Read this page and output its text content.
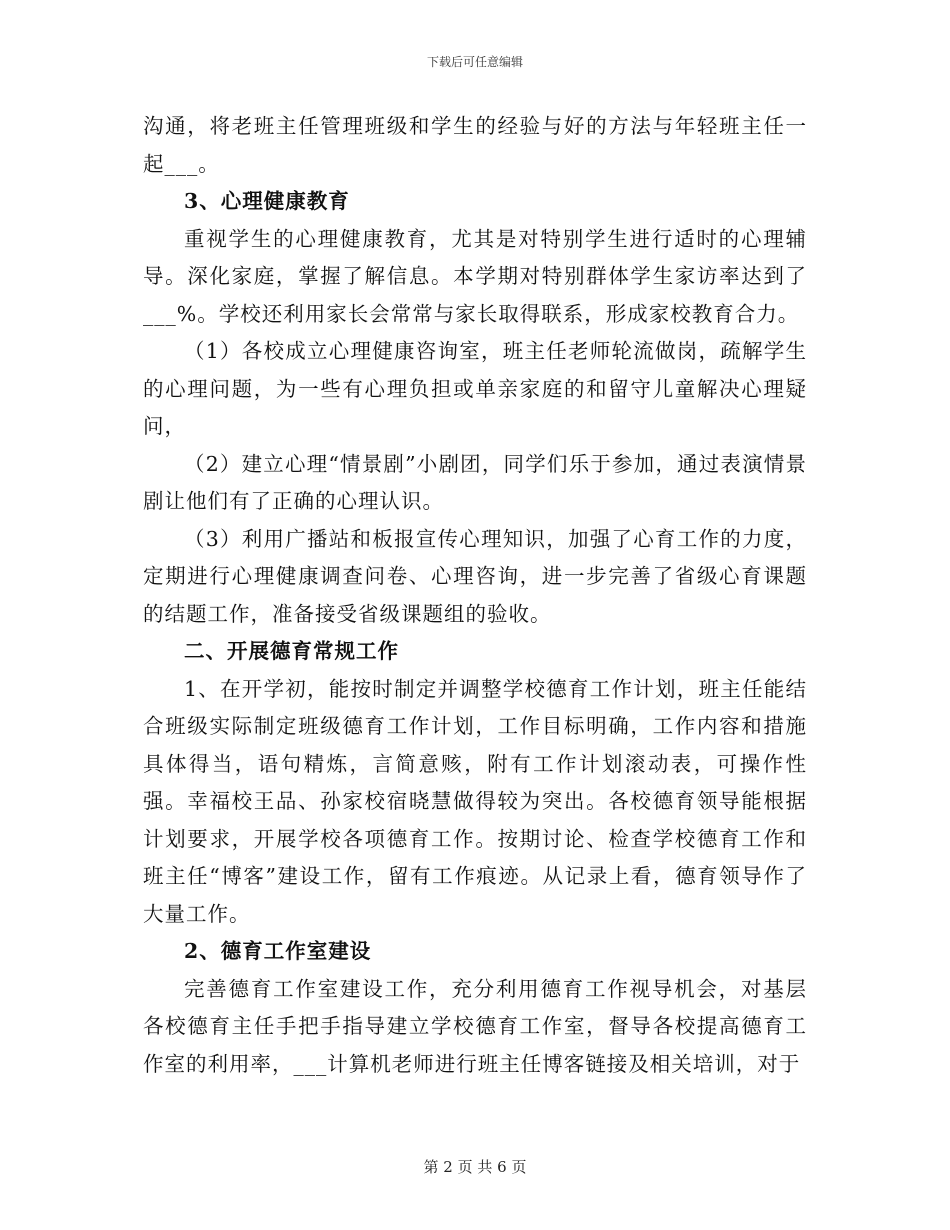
下载后可任意编辑

沟通，将老班主任管理班级和学生的经验与好的方法与年轻班主任一起___。

3、心理健康教育

重视学生的心理健康教育，尤其是对特别学生进行适时的心理辅导。深化家庭，掌握了解信息。本学期对特别群体学生家访率达到了___%。学校还利用家长会常常与家长取得联系，形成家校教育合力。

（1）各校成立心理健康咨询室，班主任老师轮流做岗，疏解学生的心理问题，为一些有心理负担或单亲家庭的和留守儿童解决心理疑问，

（2）建立心理“情景剧”小剧团，同学们乐于参加，通过表演情景剧让他们有了正确的心理认识。

（3）利用广播站和板报宣传心理知识，加强了心育工作的力度，定期进行心理健康调查问卷、心理咨询，进一步完善了省级心育课题的结题工作，准备接受省级课题组的验收。

二、开展德育常规工作

1、在开学初，能按时制定并调整学校德育工作计划，班主任能结合班级实际制定班级德育工作计划，工作目标明确，工作内容和措施具体得当，语句精炼，言简意赅，附有工作计划滚动表，可操作性强。幸福校王品、孙家校宿晓慧做得较为突出。各校德育领导能根据计划要求，开展学校各项德育工作。按期讨论、检查学校德育工作和班主任“博客”建设工作，留有工作痕迹。从记录上看，德育领导作了大量工作。

2、德育工作室建设

完善德育工作室建设工作，充分利用德育工作视导机会，对基层各校德育主任手把手指导建立学校德育工作室，督导各校提高德育工作室的利用率，___计算机老师进行班主任博客链接及相关培训，对于

第 2 页 共 6 页
